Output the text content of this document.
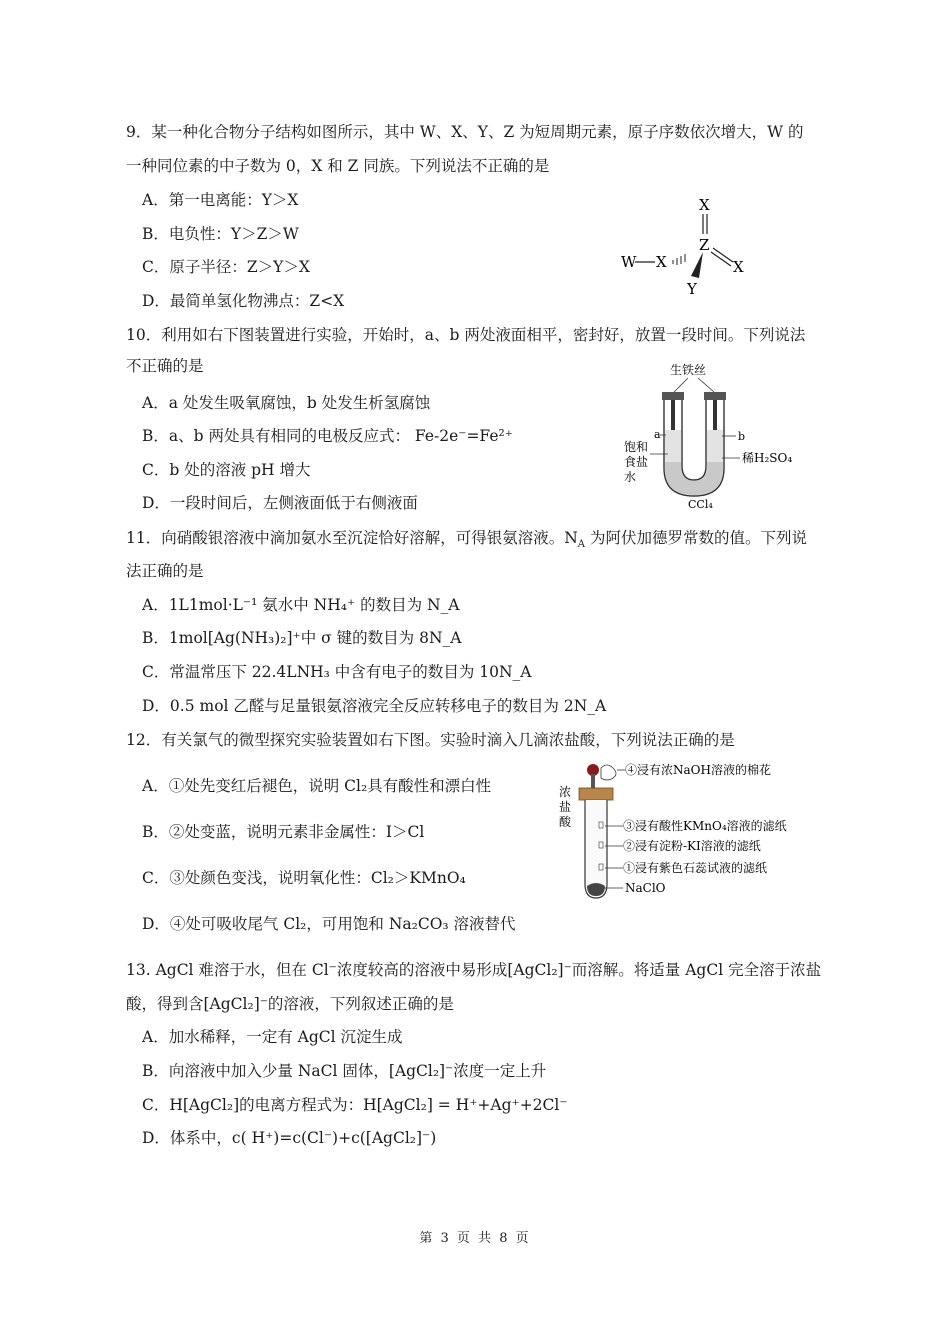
9．某一种化合物分子结构如图所示，其中 W、X、Y、Z 为短周期元素，原子序数依次增大，W 的
一种同位素的中子数为 0，X 和 Z 同族。下列说法不正确的是
A．第一电离能：Y＞X
B．电负性：Y＞Z＞W
C．原子半径：Z＞Y＞X
D．最简单氢化物沸点：Z<X
X
Z
W X	X
Y
10．利用如右下图装置进行实验，开始时，a、b 两处液面相平，密封好，放置一段时间。下列说法
不正确的是
A．a 处发生吸氧腐蚀，b 处发生析氢腐蚀
B．a、b 两处具有相同的电极反应式： Fe-2e⁻=Fe²⁺
C．b 处的溶液 pH 增大
D．一段时间后，左侧液面低于右侧液面
生铁丝
a	b
饱和
食盐
水
稀H₂SO₄
CCl₄
11．向硝酸银溶液中滴加氨水至沉淀恰好溶解，可得银氨溶液。$N_A$ 为阿伏加德罗常数的值。下列说
法正确的是
A．1L1mol·L⁻¹ 氨水中 NH₄⁺ 的数目为 N_A
B．1mol[Ag(NH₃)₂]⁺中 σ 键的数目为 8N_A
C．常温常压下 22.4LNH₃ 中含有电子的数目为 10N_A
D．0.5 mol 乙醛与足量银氨溶液完全反应转移电子的数目为 2N_A
12．有关氯气的微型探究实验装置如右下图。实验时滴入几滴浓盐酸，下列说法正确的是
A．①处先变红后褪色，说明 Cl₂具有酸性和漂白性
B．②处变蓝，说明元素非金属性：I＞Cl
C．③处颜色变浅，说明氧化性：Cl₂＞KMnO₄
D．④处可吸收尾气 Cl₂，可用饱和 Na₂CO₃ 溶液替代
④浸有浓NaOH溶液的棉花
浓
盐
酸	③浸有酸性KMnO₄溶液的滤纸
②浸有淀粉-KI溶液的滤纸
①浸有紫色石蕊试液的滤纸
NaClO
13. AgCl 难溶于水，但在 Cl⁻浓度较高的溶液中易形成[AgCl₂]⁻而溶解。将适量 AgCl 完全溶于浓盐
酸，得到含[AgCl₂]⁻的溶液，下列叙述正确的是
A．加水稀释，一定有 AgCl 沉淀生成
B．向溶液中加入少量 NaCl 固体，[AgCl₂]⁻浓度一定上升
C．H[AgCl₂]的电离方程式为：H[AgCl₂] = H⁺+Ag⁺+2Cl⁻
D．体系中，c( H⁺)=c(Cl⁻)+c([AgCl₂]⁻)
第 3 页 共 8 页
